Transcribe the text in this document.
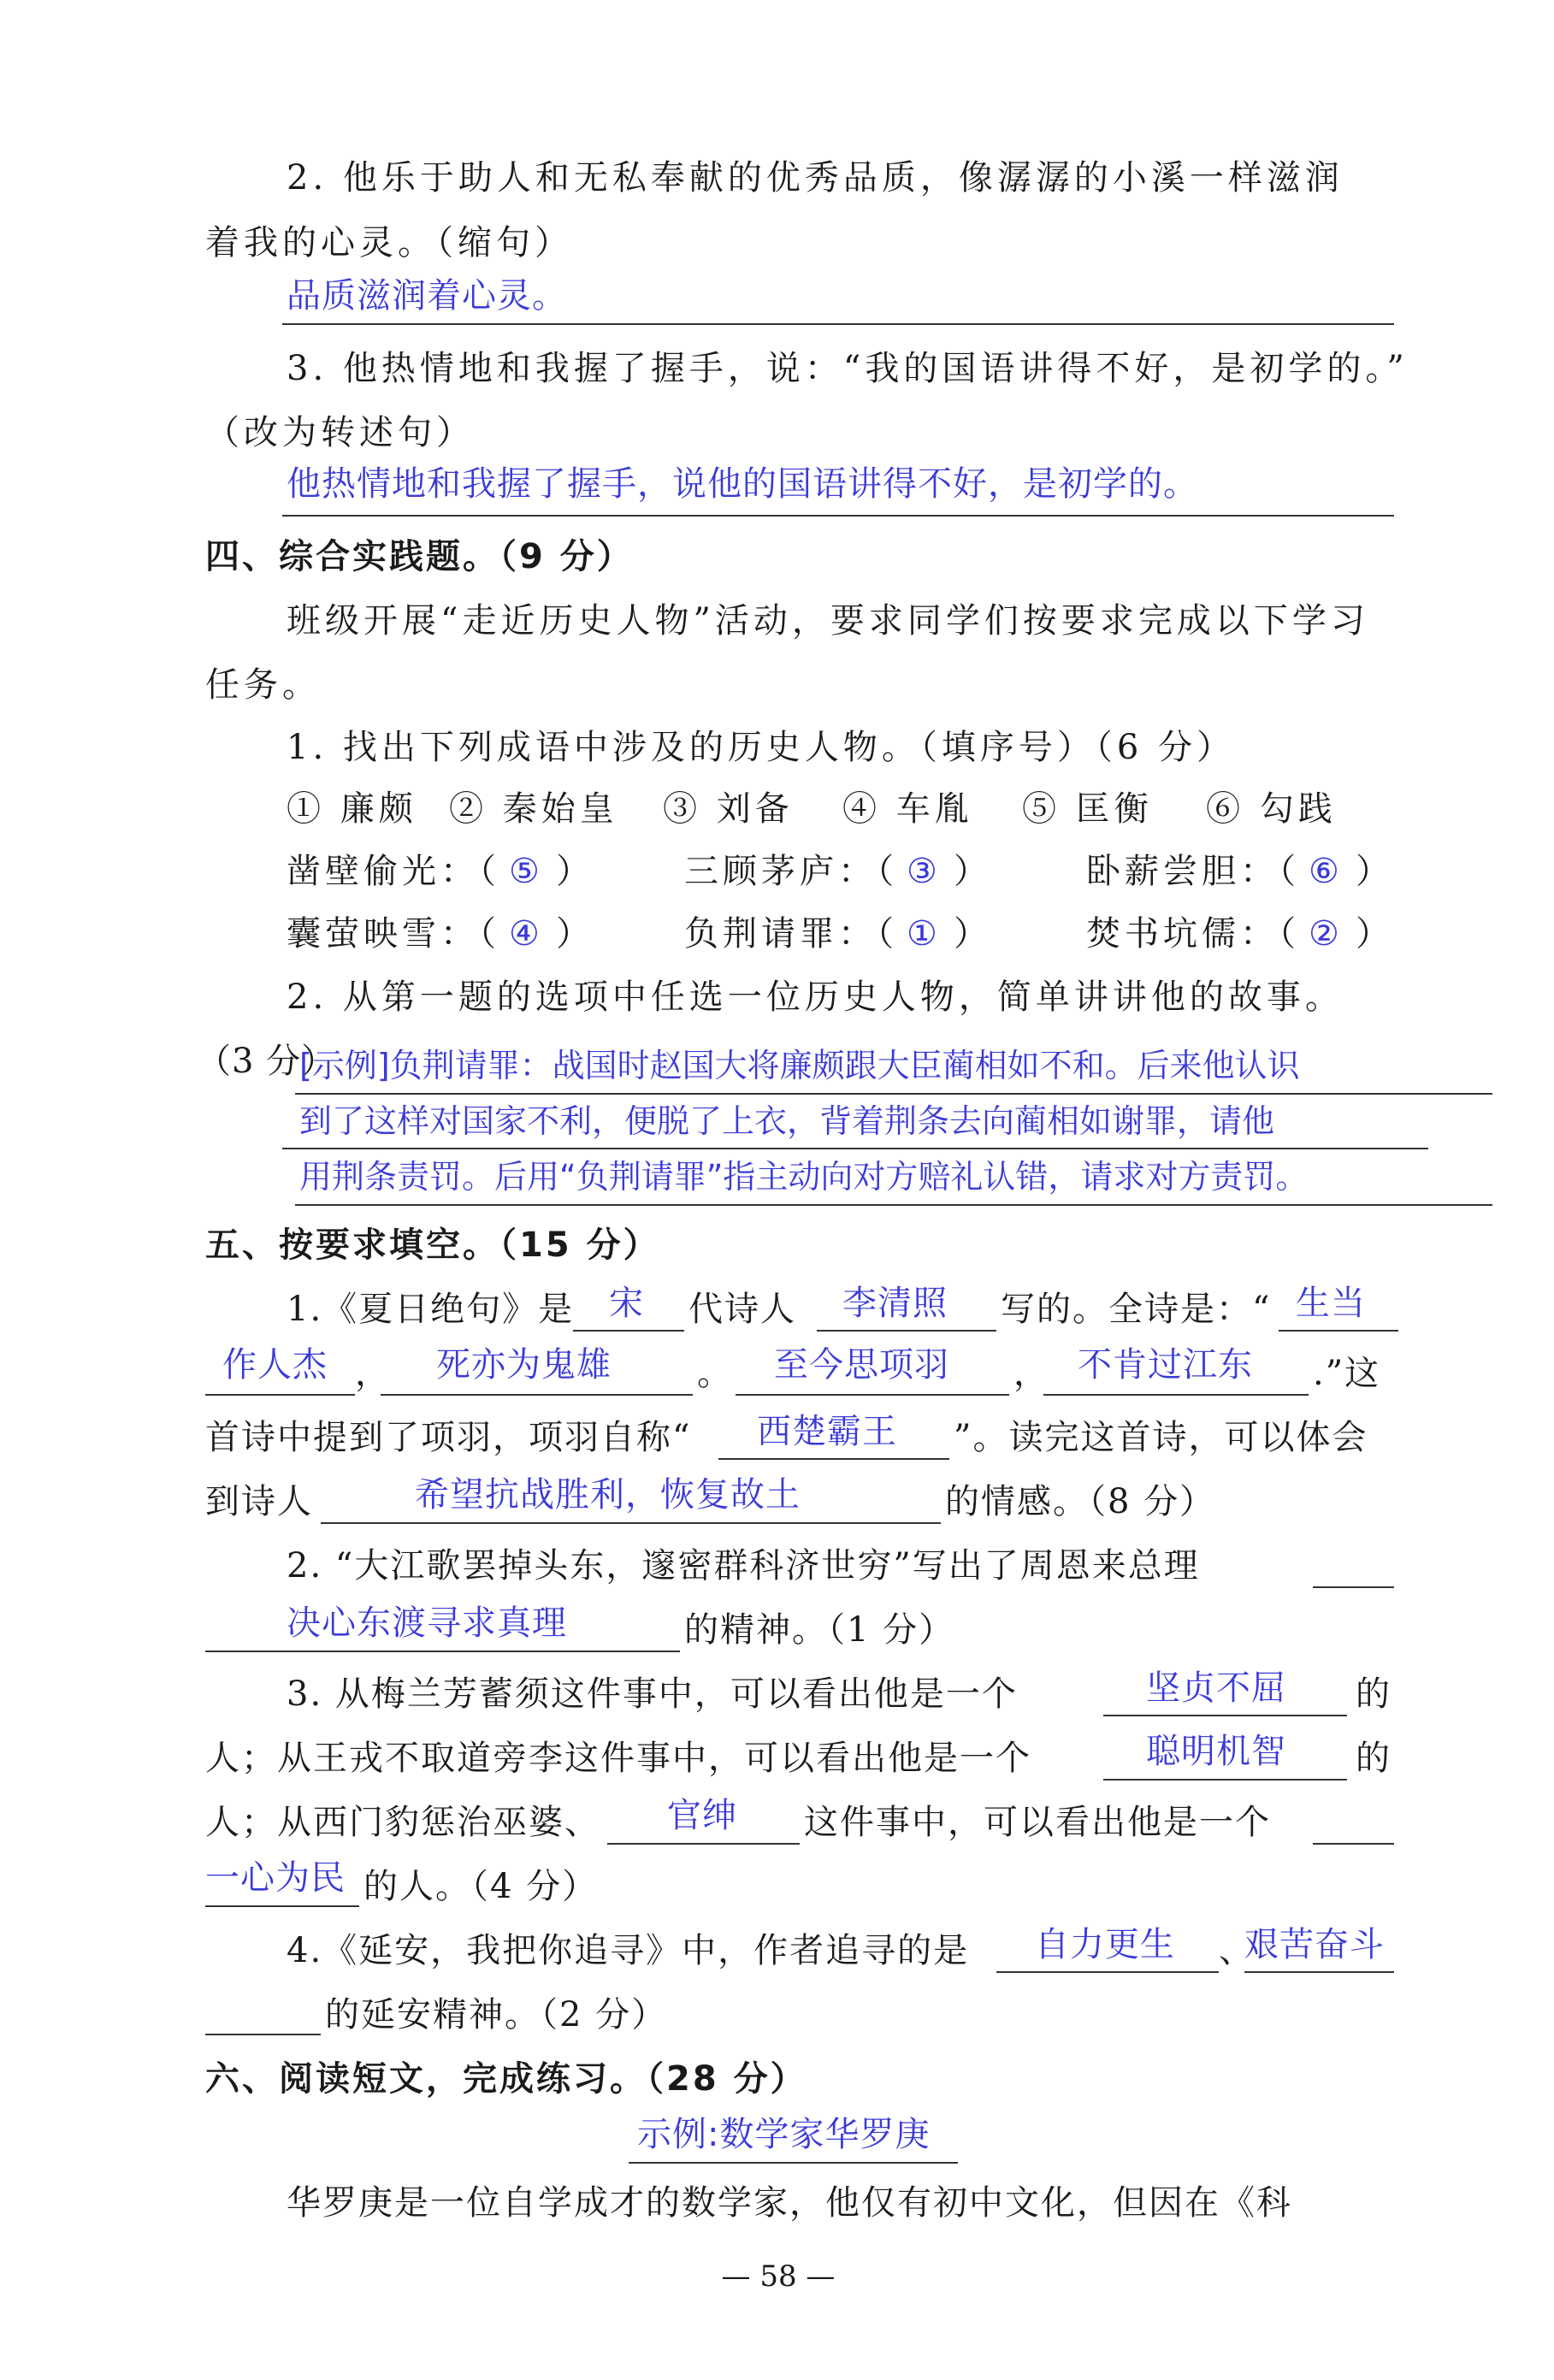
2. 他乐于助人和无私奉献的优秀品质，像潺潺的小溪一样滋润
着我的心灵。（缩句）
品质滋润着心灵。
3. 他热情地和我握了握手，说：“我的国语讲得不好，是初学的。”
（改为转述句）
他热情地和我握了握手，说他的国语讲得不好，是初学的。
四、综合实践题。（9 分）
班级开展“走近历史人物”活动，要求同学们按要求完成以下学习
任务。
1. 找出下列成语中涉及的历史人物。（填序号）（6 分）
① 廉颇 ② 秦始皇 ③ 刘备 ④ 车胤 ⑤ 匡衡 ⑥ 勾践
凿壁偷光：（ ⑤ ）	三顾茅庐：（ ③ ）	卧薪尝胆：（ ⑥ ）
囊萤映雪：（ ④ ）	负荆请罪：（ ① ）	焚书坑儒：（ ② ）
2. 从第一题的选项中任选一位历史人物，简单讲讲他的故事。
（3 分）
[示例]负荆请罪：战国时赵国大将廉颇跟大臣蔺相如不和。后来他认识
到了这样对国家不利，便脱了上衣，背着荆条去向蔺相如谢罪，请他
用荆条责罚。后用“负荆请罪”指主动向对方赔礼认错，请求对方责罚。
五、按要求填空。（15 分）
1.《夏日绝句》是 宋 代诗人 李清照 写的。全诗是：“ 生当
作人杰 ， 死亦为鬼雄	。 至今思项羽 ， 不肯过江东 .”这
首诗中提到了项羽，项羽自称“ 西楚霸王 ”。读完这首诗，可以体会
到诗人	希望抗战胜利，恢复故土	的情感。（8 分）
2. “大江歌罢掉头东，邃密群科济世穷”写出了周恩来总理
决心东渡寻求真理	的精神。（1 分）
3. 从梅兰芳蓄须这件事中，可以看出他是一个	坚贞不屈 的
人；从王戎不取道旁李这件事中，可以看出他是一个	聪明机智 的
人；从西门豹惩治巫婆、 官绅 这件事中，可以看出他是一个
一心为民 的人。（4 分）
4.《延安，我把你追寻》中，作者追寻的是 自力更生 、
艰苦奋斗
的延安精神。（2 分）
六、阅读短文，完成练习。（28 分）
示例:数学家华罗庚
华罗庚是一位自学成才的数学家，他仅有初中文化，但因在《科
— 58 —
